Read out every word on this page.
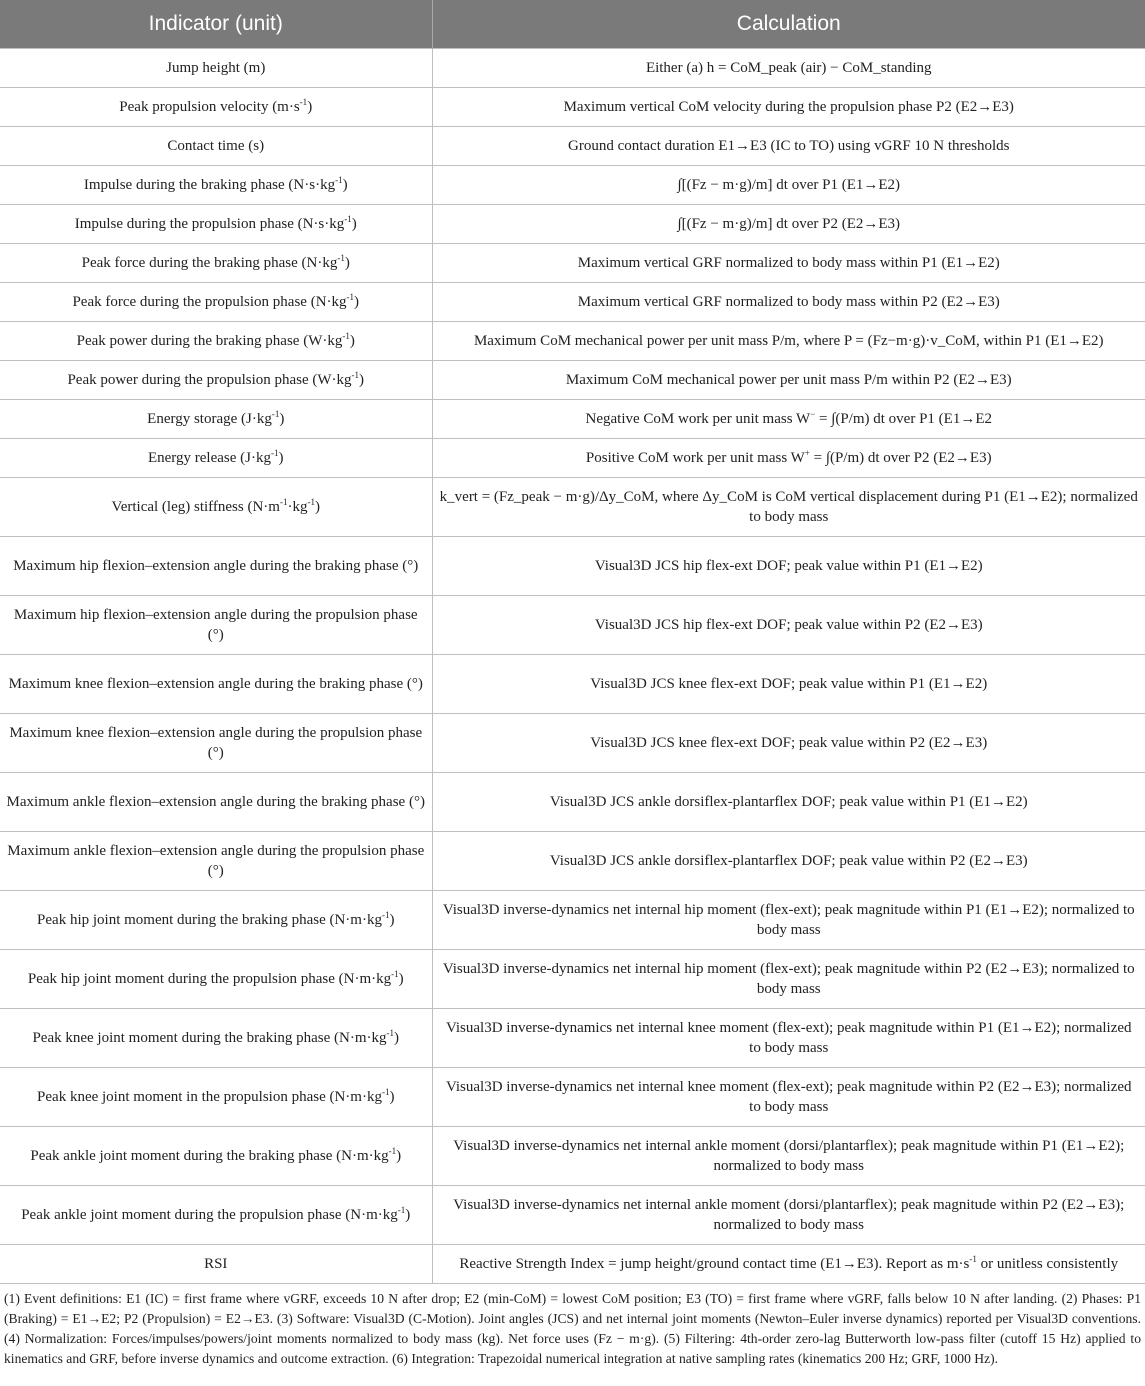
Indicator (unit)	Calculation
Jump height (m)	Either (a) h = CoM_peak (air) − CoM_standing
Peak propulsion velocity $(m\cdot s^{-1})$	Maximum vertical CoM velocity during the propulsion phase P2 (E2→E3)
Contact time (s)	Ground contact duration E1→E3 (IC to TO) using vGRF 10 N thresholds
Impulse during the braking phase $(N\cdot s\cdot kg^{-1})$	∫[(Fz − m·g)/m] dt over P1 (E1→E2)
Impulse during the propulsion phase $(N\cdot s\cdot kg^{-1})$	∫[(Fz − m·g)/m] dt over P2 (E2→E3)
Peak force during the braking phase $(N\cdot kg^{-1})$	Maximum vertical GRF normalized to body mass within P1 (E1→E2)
Peak force during the propulsion phase $(N\cdot kg^{-1})$	Maximum vertical GRF normalized to body mass within P2 (E2→E3)
Peak power during the braking phase $(W\cdot kg^{-1})$	Maximum CoM mechanical power per unit mass P/m, where P = (Fz−m·g)·v_CoM, within P1 (E1→E2)
Peak power during the propulsion phase $(W\cdot kg^{-1})$	Maximum CoM mechanical power per unit mass P/m within P2 (E2→E3)
Energy storage $(J\cdot kg^{-1})$	Negative CoM work per unit mass W− = ∫(P/m) dt over P1 (E1→E2
Energy release $(J\cdot kg^{-1})$	Positive CoM work per unit mass W+ = ∫(P/m) dt over P2 (E2→E3)
Vertical (leg) stiffness $(N\cdot m^{-1}\cdot kg^{-1})$	k_vert = (Fz_peak − m·g)/Δy_CoM, where Δy_CoM is CoM vertical displacement during P1 (E1→E2); normalized to body mass
Maximum hip flexion–extension angle during the braking phase (°)	Visual3D JCS hip flex-ext DOF; peak value within P1 (E1→E2)
Maximum hip flexion–extension angle during the propulsion phase (°)	Visual3D JCS hip flex-ext DOF; peak value within P2 (E2→E3)
Maximum knee flexion–extension angle during the braking phase (°)	Visual3D JCS knee flex-ext DOF; peak value within P1 (E1→E2)
Maximum knee flexion–extension angle during the propulsion phase (°)	Visual3D JCS knee flex-ext DOF; peak value within P2 (E2→E3)
Maximum ankle flexion–extension angle during the braking phase (°)	Visual3D JCS ankle dorsiflex-plantarflex DOF; peak value within P1 (E1→E2)
Maximum ankle flexion–extension angle during the propulsion phase (°)	Visual3D JCS ankle dorsiflex-plantarflex DOF; peak value within P2 (E2→E3)
Peak hip joint moment during the braking phase $(N\cdot m\cdot kg^{-1})$	Visual3D inverse-dynamics net internal hip moment (flex-ext); peak magnitude within P1 (E1→E2); normalized to body mass
Peak hip joint moment during the propulsion phase $(N\cdot m\cdot kg^{-1})$	Visual3D inverse-dynamics net internal hip moment (flex-ext); peak magnitude within P2 (E2→E3); normalized to body mass
Peak knee joint moment during the braking phase $(N\cdot m\cdot kg^{-1})$	Visual3D inverse-dynamics net internal knee moment (flex-ext); peak magnitude within P1 (E1→E2); normalized to body mass
Peak knee joint moment in the propulsion phase $(N\cdot m\cdot kg^{-1})$	Visual3D inverse-dynamics net internal knee moment (flex-ext); peak magnitude within P2 (E2→E3); normalized to body mass
Peak ankle joint moment during the braking phase $(N\cdot m\cdot kg^{-1})$	Visual3D inverse-dynamics net internal ankle moment (dorsi/plantarflex); peak magnitude within P1 (E1→E2); normalized to body mass
Peak ankle joint moment during the propulsion phase $(N\cdot m\cdot kg^{-1})$	Visual3D inverse-dynamics net internal ankle moment (dorsi/plantarflex); peak magnitude within P2 (E2→E3); normalized to body mass
RSI	Reactive Strength Index = jump height/ground contact time (E1→E3). Report as $m\cdot s^{-1}$ or unitless consistently
(1) Event definitions: E1 (IC) = first frame where vGRF, exceeds 10 N after drop; E2 (min-CoM) = lowest CoM position; E3 (TO) = first frame where vGRF, falls below 10 N after landing. (2) Phases: P1 (Braking) = E1→E2; P2 (Propulsion) = E2→E3. (3) Software: Visual3D (C-Motion). Joint angles (JCS) and net internal joint moments (Newton–Euler inverse dynamics) reported per Visual3D conventions. (4) Normalization: Forces/impulses/powers/joint moments normalized to body mass (kg). Net force uses (Fz − m·g). (5) Filtering: 4th-order zero-lag Butterworth low-pass filter (cutoff 15 Hz) applied to kinematics and GRF, before inverse dynamics and outcome extraction. (6) Integration: Trapezoidal numerical integration at native sampling rates (kinematics 200 Hz; GRF, 1000 Hz).
